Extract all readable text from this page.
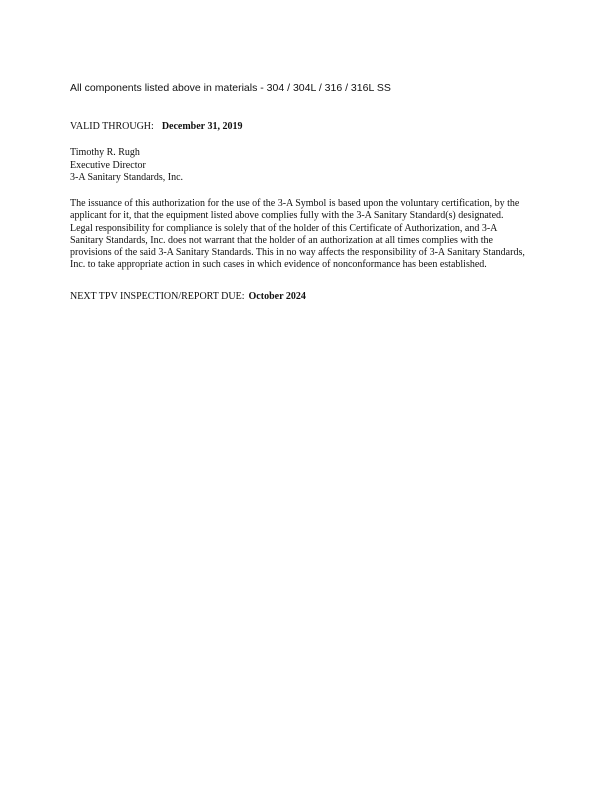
All components listed above in materials - 304 / 304L / 316 / 316L SS
VALID THROUGH: December 31, 2019
Timothy R. Rugh
Executive Director
3-A Sanitary Standards, Inc.
The issuance of this authorization for the use of the 3-A Symbol is based upon the voluntary certification, by the
applicant for it, that the equipment listed above complies fully with the 3-A Sanitary Standard(s) designated.
Legal responsibility for compliance is solely that of the holder of this Certificate of Authorization, and 3-A
Sanitary Standards, Inc. does not warrant that the holder of an authorization at all times complies with the
provisions of the said 3-A Sanitary Standards. This in no way affects the responsibility of 3-A Sanitary Standards,
Inc. to take appropriate action in such cases in which evidence of nonconformance has been established.
NEXT TPV INSPECTION/REPORT DUE: October 2024
